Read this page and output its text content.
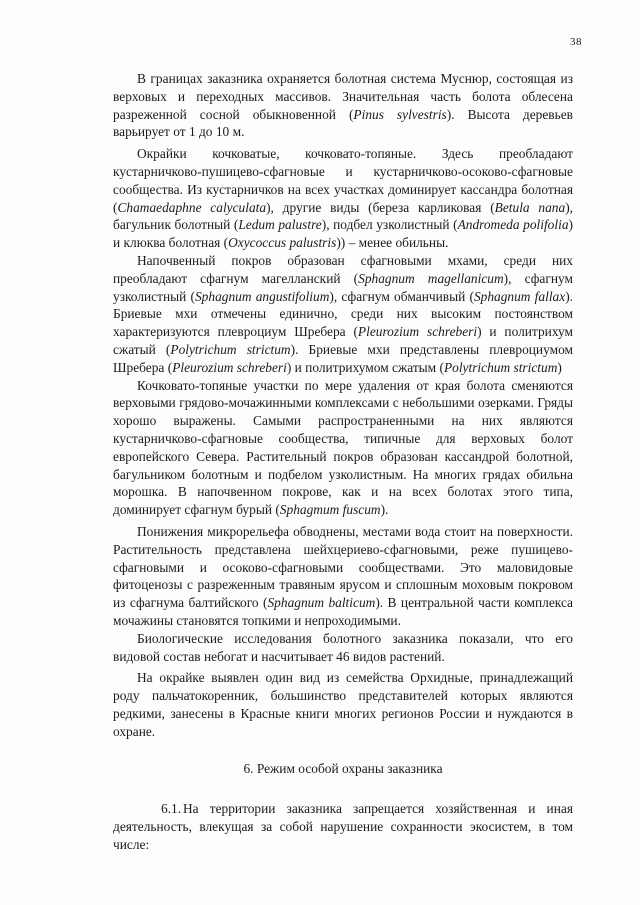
38

В границах заказника охраняется болотная система Муснюр, состоящая из верховых и переходных массивов. Значительная часть болота облесена разреженной сосной обыкновенной (Pinus sylvestris). Высота деревьев варьирует от 1 до 10 м.

Окрайки кочковатые, кочковато-топяные. Здесь преобладают кустарничково-пушицево-сфагновые и кустарничково-осоково-сфагновые сообщества. Из кустарничков на всех участках доминирует кассандра болотная (Chamaedaphne calyculata), другие виды (береза карликовая (Betula nana), багульник болотный (Ledum palustre), подбел узколистный (Andromeda polifolia) и клюква болотная (Oxycoccus palustris)) – менее обильны.

Напочвенный покров образован сфагновыми мхами, среди них преобладают сфагнум магелланский (Sphagnum magellanicum), сфагнум узколистный (Sphagnum angustifolium), сфагнум обманчивый (Sphagnum fallax). Бриевые мхи отмечены единично, среди них высоким постоянством характеризуются плевроциум Шребера (Pleurozium schreberi) и политрихум сжатый (Polytrichum strictum). Бриевые мхи представлены плевроциумом Шребера (Pleurozium schreberi) и политрихумом сжатым (Polytrichum strictum)

Кочковато-топяные участки по мере удаления от края болота сменяются верховыми грядово-мочажинными комплексами с небольшими озерками. Гряды хорошо выражены. Самыми распространенными на них являются кустарничково-сфагновые сообщества, типичные для верховых болот европейского Севера. Растительный покров образован кассандрой болотной, багульником болотным и подбелом узколистным. На многих грядах обильна морошка. В напочвенном покрове, как и на всех болотах этого типа, доминирует сфагнум бурый (Sphagmum fuscum).

Понижения микрорельефа обводнены, местами вода стоит на поверхности. Растительность представлена шейхцериево-сфагновыми, реже пушицево-сфагновыми и осоково-сфагновыми сообществами. Это маловидовые фитоценозы с разреженным травяным ярусом и сплошным моховым покровом из сфагнума балтийского (Sphagnum balticum). В центральной части комплекса мочажины становятся топкими и непроходимыми.

Биологические исследования болотного заказника показали, что его видовой состав небогат и насчитывает 46 видов растений.

На окрайке выявлен один вид из семейства Орхидные, принадлежащий роду пальчатокоренник, большинство представителей которых являются редкими, занесены в Красные книги многих регионов России и нуждаются в охране.

6. Режим особой охраны заказника

6.1. На территории заказника запрещается хозяйственная и иная деятельность, влекущая за собой нарушение сохранности экосистем, в том числе:
